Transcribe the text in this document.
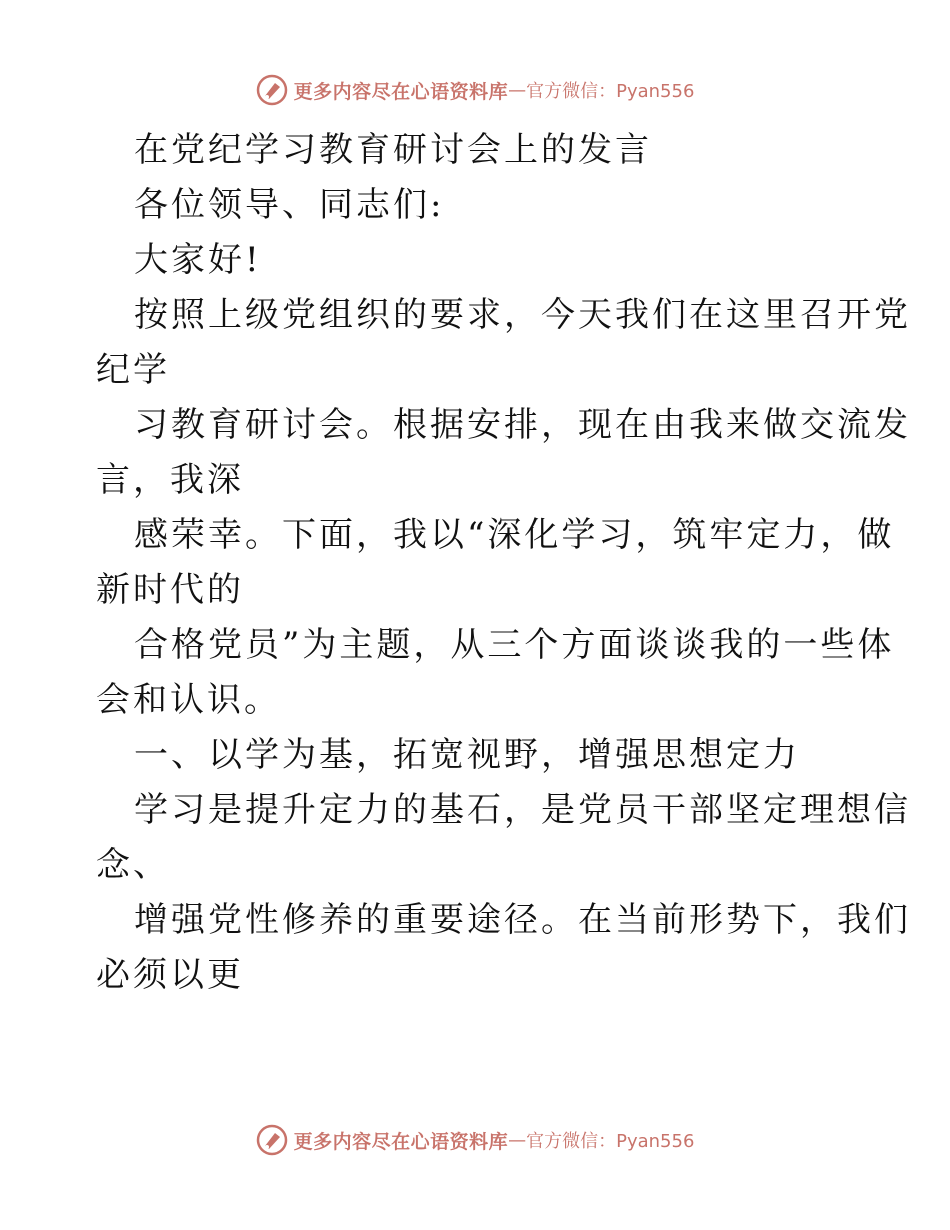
更多内容尽在心语资料库 — 官方微信：Pyan556
在党纪学习教育研讨会上的发言
各位领导、同志们:
大家好!
按照上级党组织的要求，今天我们在这里召开党
纪学
习教育研讨会。根据安排，现在由我来做交流发
言，我深
感荣幸。下面，我以“深化学习，筑牢定力，做
新时代的
合格党员”为主题，从三个方面谈谈我的一些体
会和认识。
一、以学为基，拓宽视野，增强思想定力
学习是提升定力的基石，是党员干部坚定理想信
念、
增强党性修养的重要途径。在当前形势下，我们
必须以更
更多内容尽在心语资料库 — 官方微信：Pyan556
